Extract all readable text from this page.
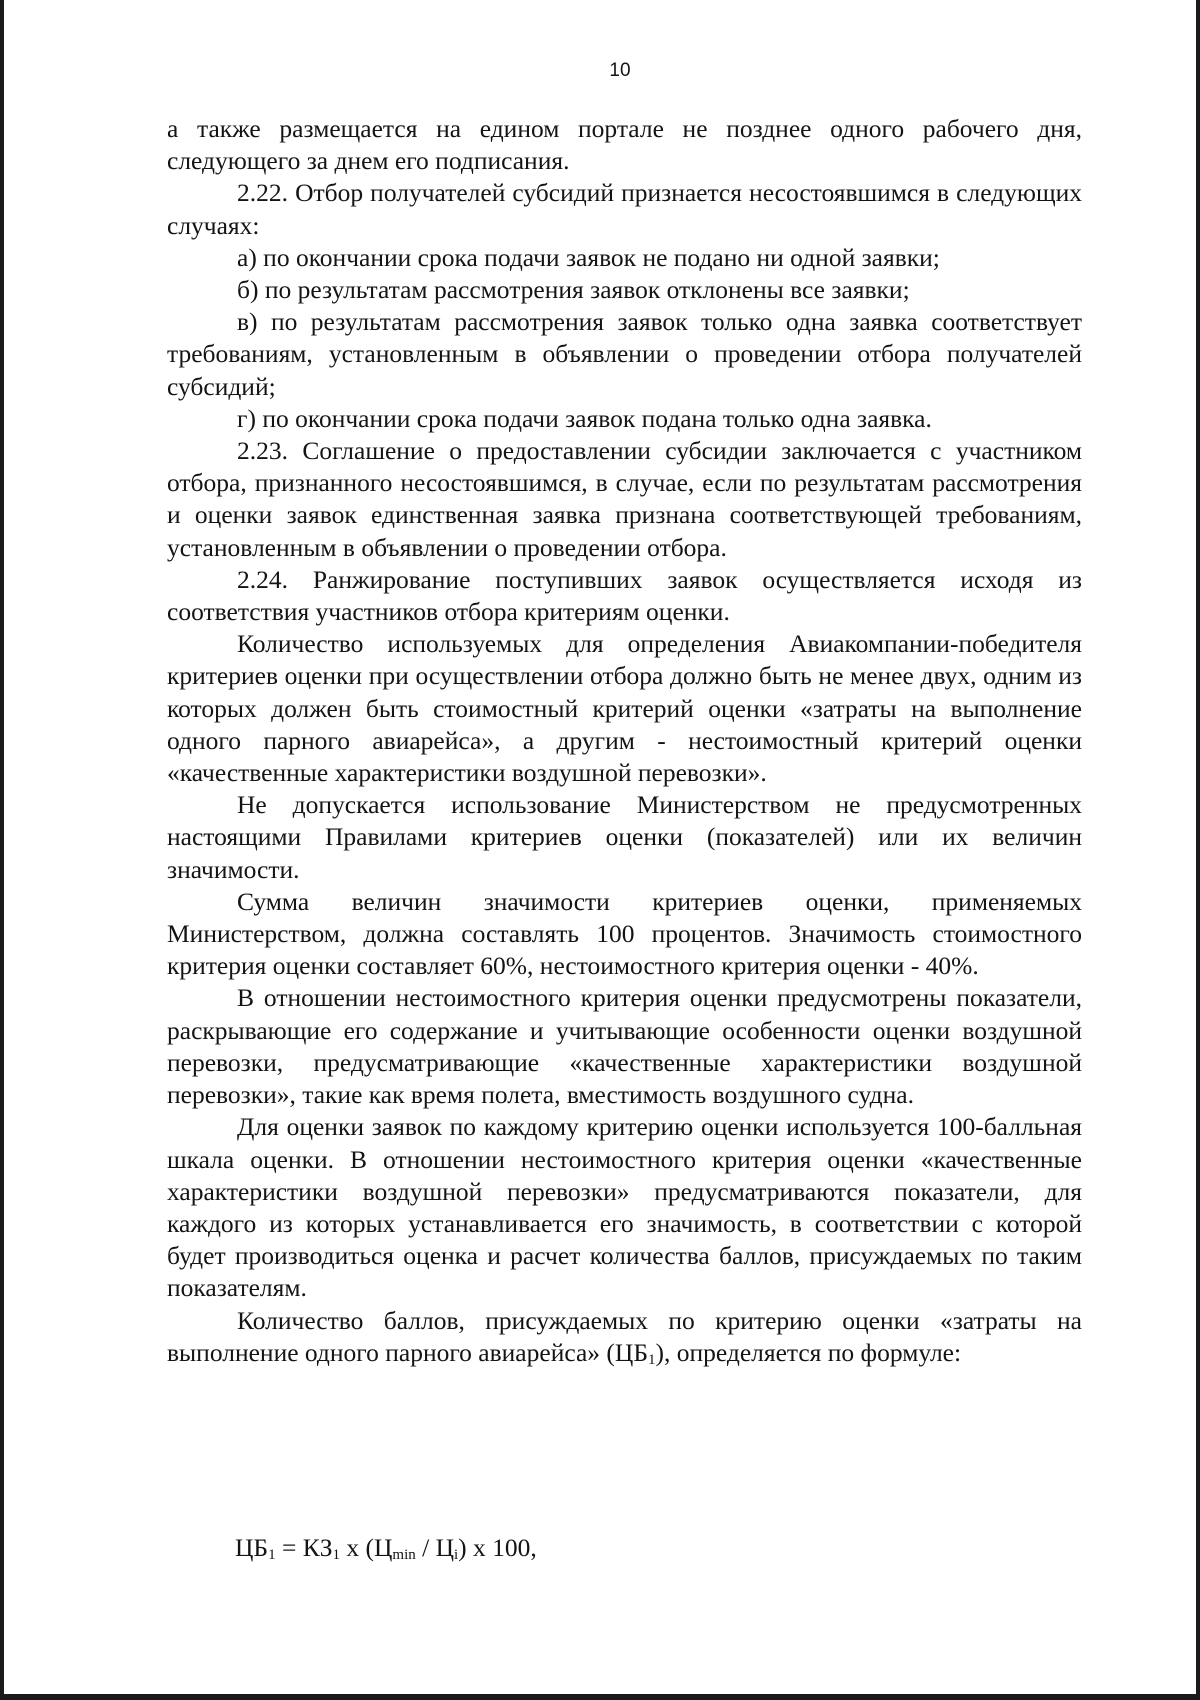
10

а также размещается на едином портале не позднее одного рабочего дня, следующего за днем его подписания.

2.22. Отбор получателей субсидий признается несостоявшимся в следующих случаях:

а) по окончании срока подачи заявок не подано ни одной заявки;

б) по результатам рассмотрения заявок отклонены все заявки;

в) по результатам рассмотрения заявок только одна заявка соответствует требованиям, установленным в объявлении о проведении отбора получателей субсидий;

г) по окончании срока подачи заявок подана только одна заявка.

2.23. Соглашение о предоставлении субсидии заключается с участником отбора, признанного несостоявшимся, в случае, если по результатам рассмотрения и оценки заявок единственная заявка признана соответствующей требованиям, установленным в объявлении о проведении отбора.

2.24. Ранжирование поступивших заявок осуществляется исходя из соответствия участников отбора критериям оценки.

Количество используемых для определения Авиакомпании-победителя критериев оценки при осуществлении отбора должно быть не менее двух, одним из которых должен быть стоимостный критерий оценки «затраты на выполнение одного парного авиарейса», а другим - нестоимостный критерий оценки «качественные характеристики воздушной перевозки».

Не допускается использование Министерством не предусмотренных настоящими Правилами критериев оценки (показателей) или их величин значимости.

Сумма величин значимости критериев оценки, применяемых Министерством, должна составлять 100 процентов. Значимость стоимостного критерия оценки составляет 60%, нестоимостного критерия оценки - 40%.

В отношении нестоимостного критерия оценки предусмотрены показатели, раскрывающие его содержание и учитывающие особенности оценки воздушной перевозки, предусматривающие «качественные характеристики воздушной перевозки», такие как время полета, вместимость воздушного судна.

Для оценки заявок по каждому критерию оценки используется 100-балльная шкала оценки. В отношении нестоимостного критерия оценки «качественные характеристики воздушной перевозки» предусматриваются показатели, для каждого из которых устанавливается его значимость, в соответствии с которой будет производиться оценка и расчет количества баллов, присуждаемых по таким показателям.

Количество баллов, присуждаемых по критерию оценки «затраты на выполнение одного парного авиарейса» $(ЦБ_1)$, определяется по формуле:

$ЦБ_1 = КЗ_1$ х $(Ц_{min} / Ц_i)$ х 100,
